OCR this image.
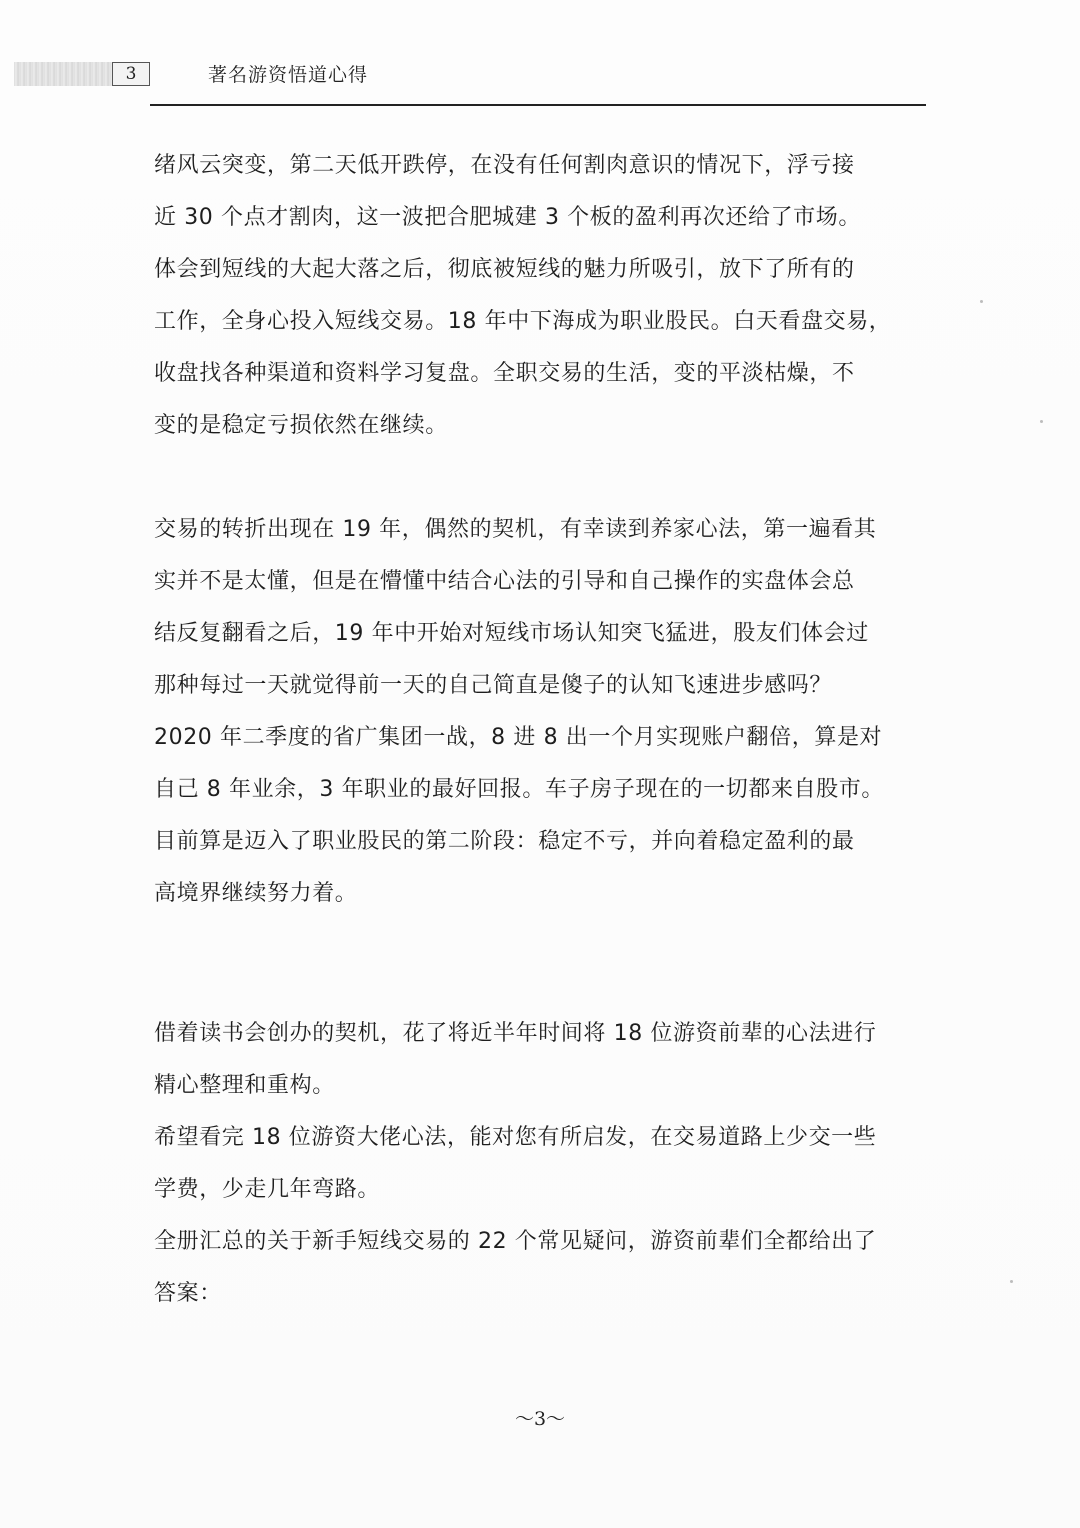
3	著名游资悟道心得
绪风云突变，第二天低开跌停，在没有任何割肉意识的情况下，浮亏接
近 30 个点才割肉，这一波把合肥城建 3 个板的盈利再次还给了市场。
体会到短线的大起大落之后，彻底被短线的魅力所吸引，放下了所有的
工作，全身心投入短线交易。18 年中下海成为职业股民。白天看盘交易，
收盘找各种渠道和资料学习复盘。全职交易的生活，变的平淡枯燥，不
变的是稳定亏损依然在继续。
交易的转折出现在 19 年，偶然的契机，有幸读到养家心法，第一遍看其
实并不是太懂，但是在懵懂中结合心法的引导和自己操作的实盘体会总
结反复翻看之后，19 年中开始对短线市场认知突飞猛进，股友们体会过
那种每过一天就觉得前一天的自己简直是傻子的认知飞速进步感吗？
2020 年二季度的省广集团一战，8 进 8 出一个月实现账户翻倍，算是对
自己 8 年业余，3 年职业的最好回报。车子房子现在的一切都来自股市。
目前算是迈入了职业股民的第二阶段：稳定不亏，并向着稳定盈利的最
高境界继续努力着。
借着读书会创办的契机，花了将近半年时间将 18 位游资前辈的心法进行
精心整理和重构。
希望看完 18 位游资大佬心法，能对您有所启发，在交易道路上少交一些
学费，少走几年弯路。
全册汇总的关于新手短线交易的 22 个常见疑问，游资前辈们全都给出了
答案：
～3～
